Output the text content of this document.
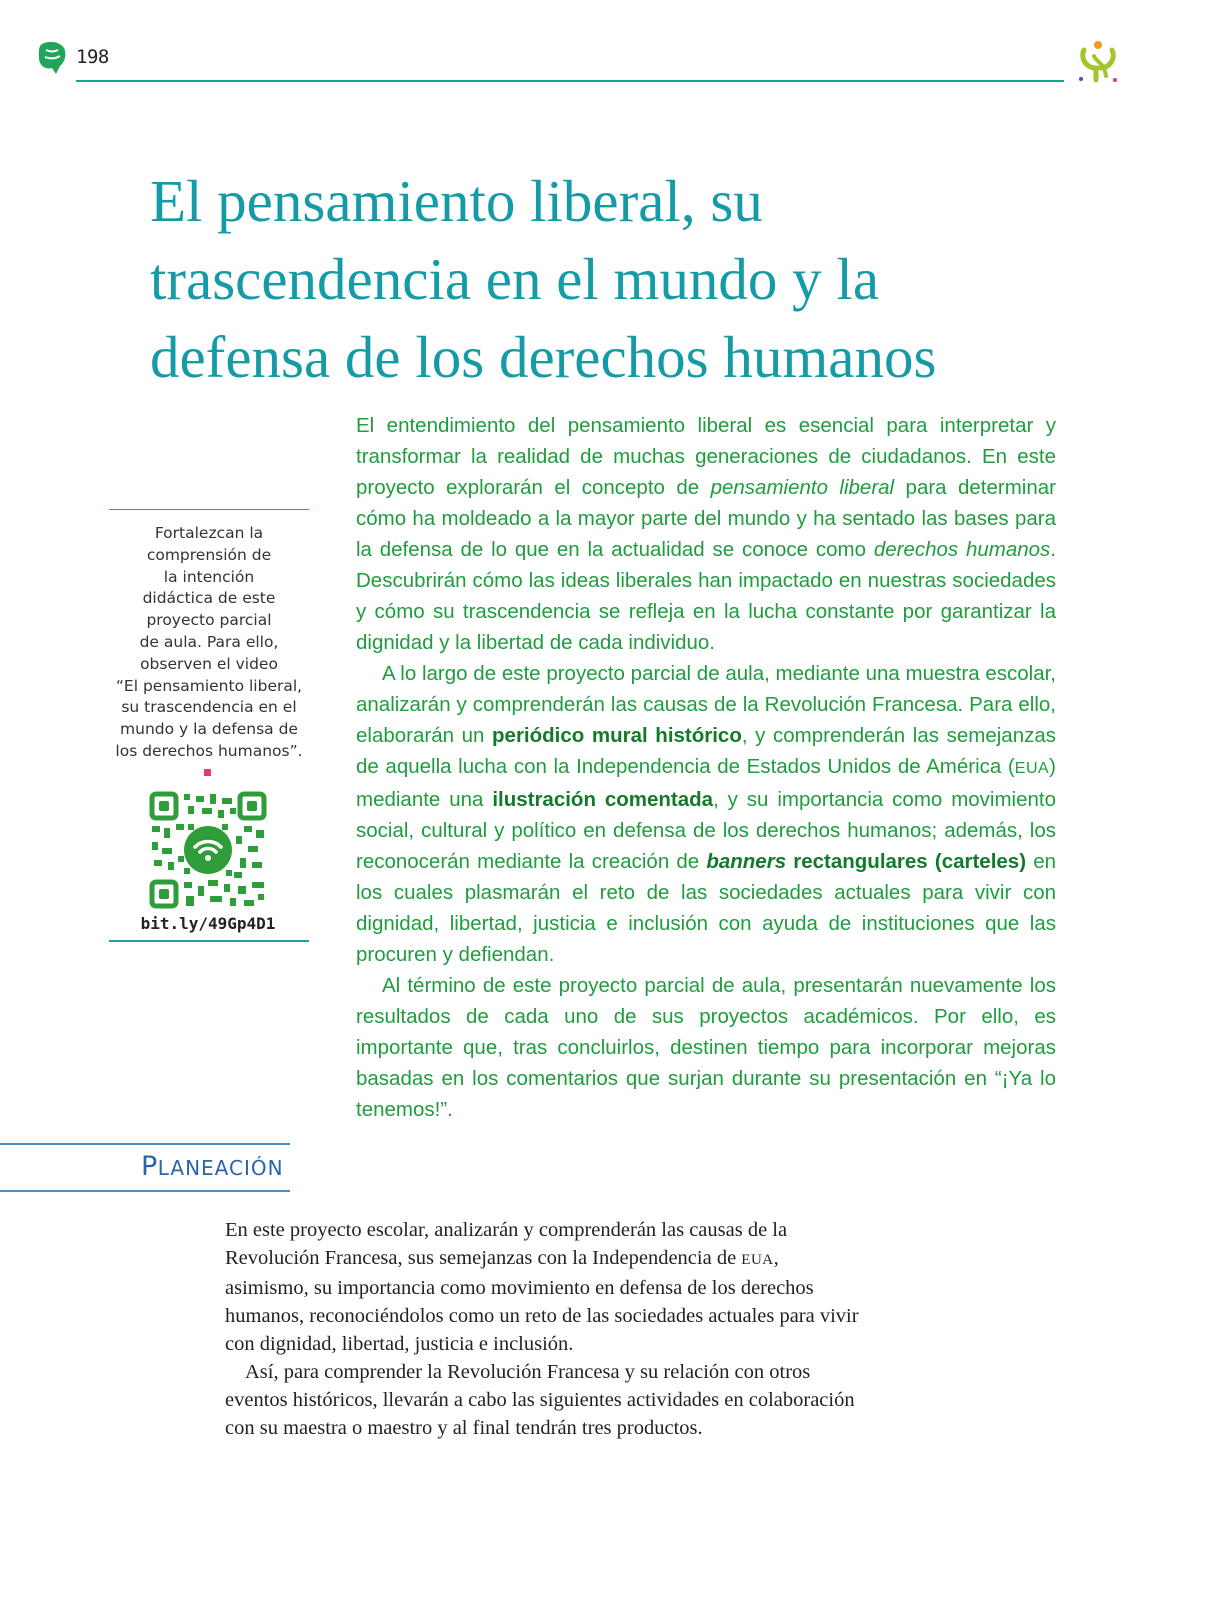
198
El pensamiento liberal, su
trascendencia en el mundo y la
defensa de los derechos humanos

El entendimiento del pensamiento liberal es esencial para interpretar y transformar la realidad de muchas generaciones de ciudadanos. En este proyecto explorarán el concepto de pensamiento liberal para determinar cómo ha moldeado a la mayor parte del mundo y ha sentado las bases para la defensa de lo que en la actualidad se conoce como derechos humanos. Descubrirán cómo las ideas liberales han impactado en nuestras sociedades y cómo su trascendencia se refleja en la lucha constante por garantizar la dignidad y la libertad de cada individuo.

A lo largo de este proyecto parcial de aula, mediante una muestra escolar, analizarán y comprenderán las causas de la Revolución Francesa. Para ello, elaborarán un periódico mural histórico, y comprenderán las semejanzas de aquella lucha con la Independencia de Estados Unidos de América (EUA) mediante una ilustración comentada, y su importancia como movimiento social, cultural y político en defensa de los derechos humanos; además, los reconocerán mediante la creación de banners rectangulares (carteles) en los cuales plasmarán el reto de las sociedades actuales para vivir con dignidad, libertad, justicia e inclusión con ayuda de instituciones que las procuren y defiendan.

Al término de este proyecto parcial de aula, presentarán nuevamente los resultados de cada uno de sus proyectos académicos. Por ello, es importante que, tras concluirlos, destinen tiempo para incorporar mejoras basadas en los comentarios que surjan durante su presentación en “¡Ya lo tenemos!”.

Fortalezcan la
comprensión de
la intención
didáctica de este
proyecto parcial
de aula. Para ello,
observen el video
“El pensamiento liberal,
su trascendencia en el
mundo y la defensa de
los derechos humanos”.
bit.ly/49Gp4D1
PLANEACIÓN

En este proyecto escolar, analizarán y comprenderán las causas de la Revolución Francesa, sus semejanzas con la Independencia de EUA, asimismo, su importancia como movimiento en defensa de los derechos humanos, reconociéndolos como un reto de las sociedades actuales para vivir con dignidad, libertad, justicia e inclusión.

Así, para comprender la Revolución Francesa y su relación con otros eventos históricos, llevarán a cabo las siguientes actividades en colaboración con su maestra o maestro y al final tendrán tres productos.
